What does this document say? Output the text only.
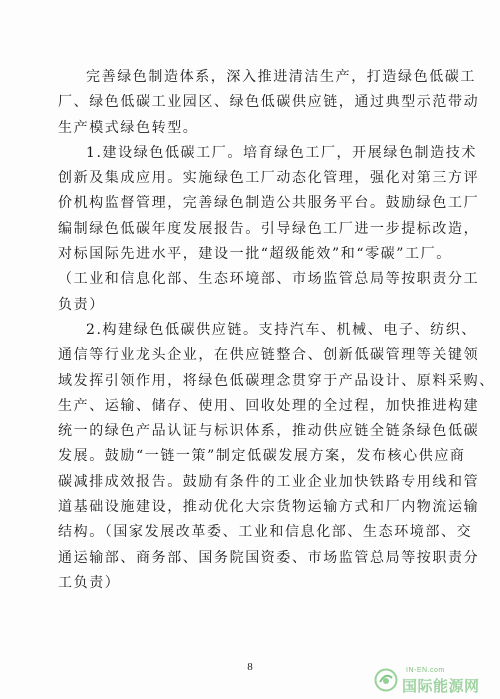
完善绿色制造体系，深入推进清洁生产，打造绿色低碳工
厂、绿色低碳工业园区、绿色低碳供应链，通过典型示范带动
生产模式绿色转型。
1.建设绿色低碳工厂。培育绿色工厂，开展绿色制造技术
创新及集成应用。实施绿色工厂动态化管理，强化对第三方评
价机构监督管理，完善绿色制造公共服务平台。鼓励绿色工厂
编制绿色低碳年度发展报告。引导绿色工厂进一步提标改造，
对标国际先进水平，建设一批“超级能效”和“零碳”工厂。
（工业和信息化部、生态环境部、市场监管总局等按职责分工
负责）
2.构建绿色低碳供应链。支持汽车、机械、电子、纺织、
通信等行业龙头企业，在供应链整合、创新低碳管理等关键领
域发挥引领作用，将绿色低碳理念贯穿于产品设计、原料采购、
生产、运输、储存、使用、回收处理的全过程，加快推进构建
统一的绿色产品认证与标识体系，推动供应链全链条绿色低碳
发展。鼓励“一链一策”制定低碳发展方案，发布核心供应商
碳减排成效报告。鼓励有条件的工业企业加快铁路专用线和管
道基础设施建设，推动优化大宗货物运输方式和厂内物流运输
结构。（国家发展改革委、工业和信息化部、生态环境部、交
通运输部、商务部、国务院国资委、市场监管总局等按职责分
工负责）
8	IN-EN.com
国际能源网
